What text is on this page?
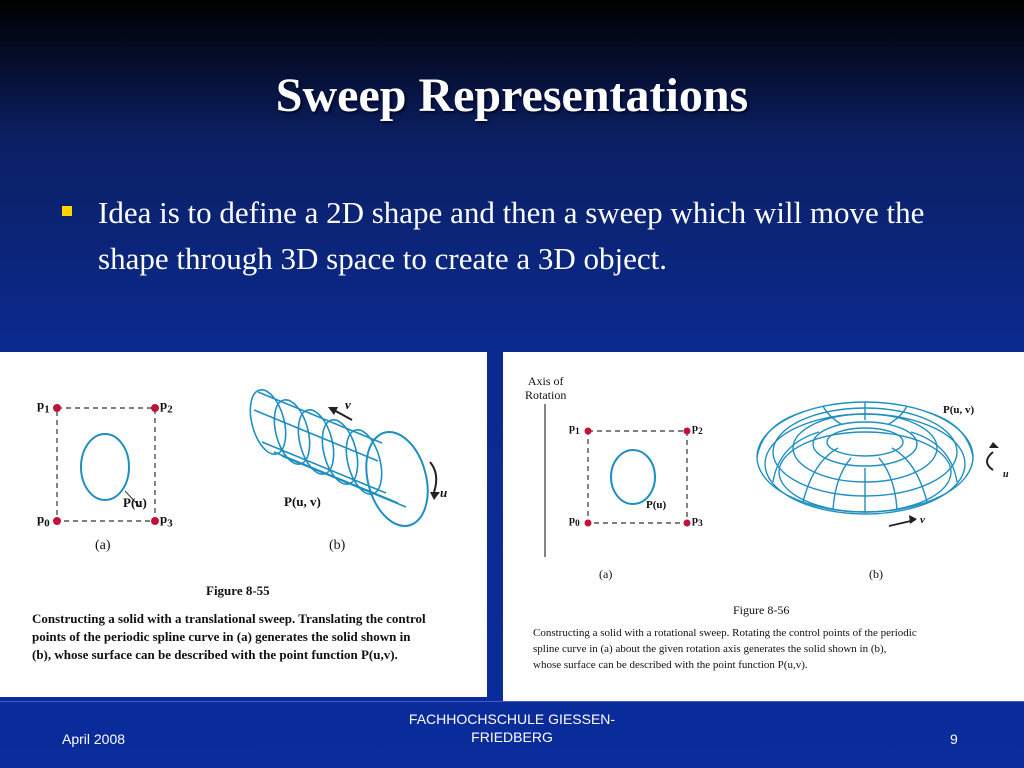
Sweep Representations
Idea is to define a 2D shape and then a sweep which will move the shape through 3D space to create a 3D object.
$p_1$	$p_2$
$p_0$	$p_3$
P(u)	P(u, v)
v
u
(a)	(b)
Figure 8-55
Constructing a solid with a translational sweep. Translating the control
points of the periodic spline curve in (a) generates the solid shown in
(b), whose surface can be described with the point function P(u,v).
Axis of
Rotation
$p_1$	$p_2$
$p_0$	$p_3$
P(u)
P(u, v)
u
v
(a)	(b)
Figure 8-56
Constructing a solid with a rotational sweep. Rotating the control points of the periodic
spline curve in (a) about the given rotation axis generates the solid shown in (b),
whose surface can be described with the point function P(u,v).
April 2008
FACHHOCHSCHULE GIESSEN-
FRIEDBERG	9
